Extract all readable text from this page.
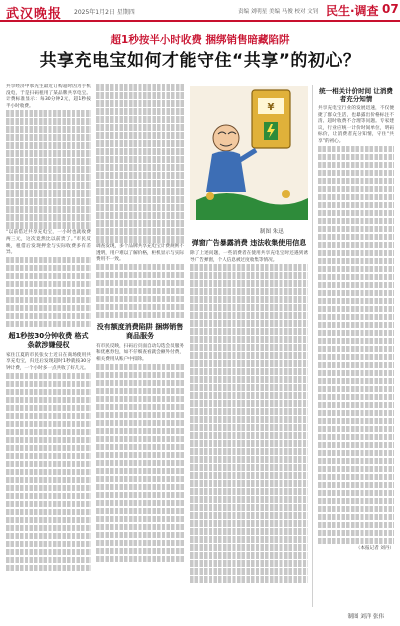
武汉晚报 2025年1月2日 星期四	责编 刘明星 美编 马俊 校对 文钊 民生·调查 07
超1秒按半小时收费 捆绑销售暗藏陷阱
共享充电宝如何才能守住“共享”的初心？

共享经济中承先生最近订购超时因为手机没电，于是扫码租用了某品牌共享电宝。计费标准显示：每30分钟2元，超1秒按半小时收费。

“以前借过共享充电宝，一小时也就收费两三元，这次竟然比以前贵了。”市民反映，租借后发现押金与实际收费多有差异。

超1秒按30分钟收费 格式条款涉嫌侵权

家住江夏的市民张女士近日在商场使用共享充电宝，归还后发现超时1秒就按30分钟计费，一个小时多一点共收了好几元。

调查发现，多个品牌共享充电宝计费规则不透明，用户难以了解价格，柜机显示与实际费用不一致。

没有额度消费陷阱 捆绑销售商品服务

有市民反映，扫码后页面自动勾选会员服务和优惠券包，如不仔细查看就会额外付费，相关费用从账户中扣除。

¥
制图 朱迅
弹窗广告暴露消费 违法收集使用信息

除了上述问题，一些消费者在使用共享充电宝时还遇到诱导广告弹窗，个人信息被过度收集等情况。

统一相关计价时间 让消费者充分知情

共享充电宝行业的发展迅速，不仅便捷了群众生活，也暴露出价格标注不清、超时收费不合理等问题。专家建议，行业应统一计价时间单位，明码标价，让消费者充分知情，守住“共享”的初心。

（本报记者 刘丹）

制图 刘洋 张伟
